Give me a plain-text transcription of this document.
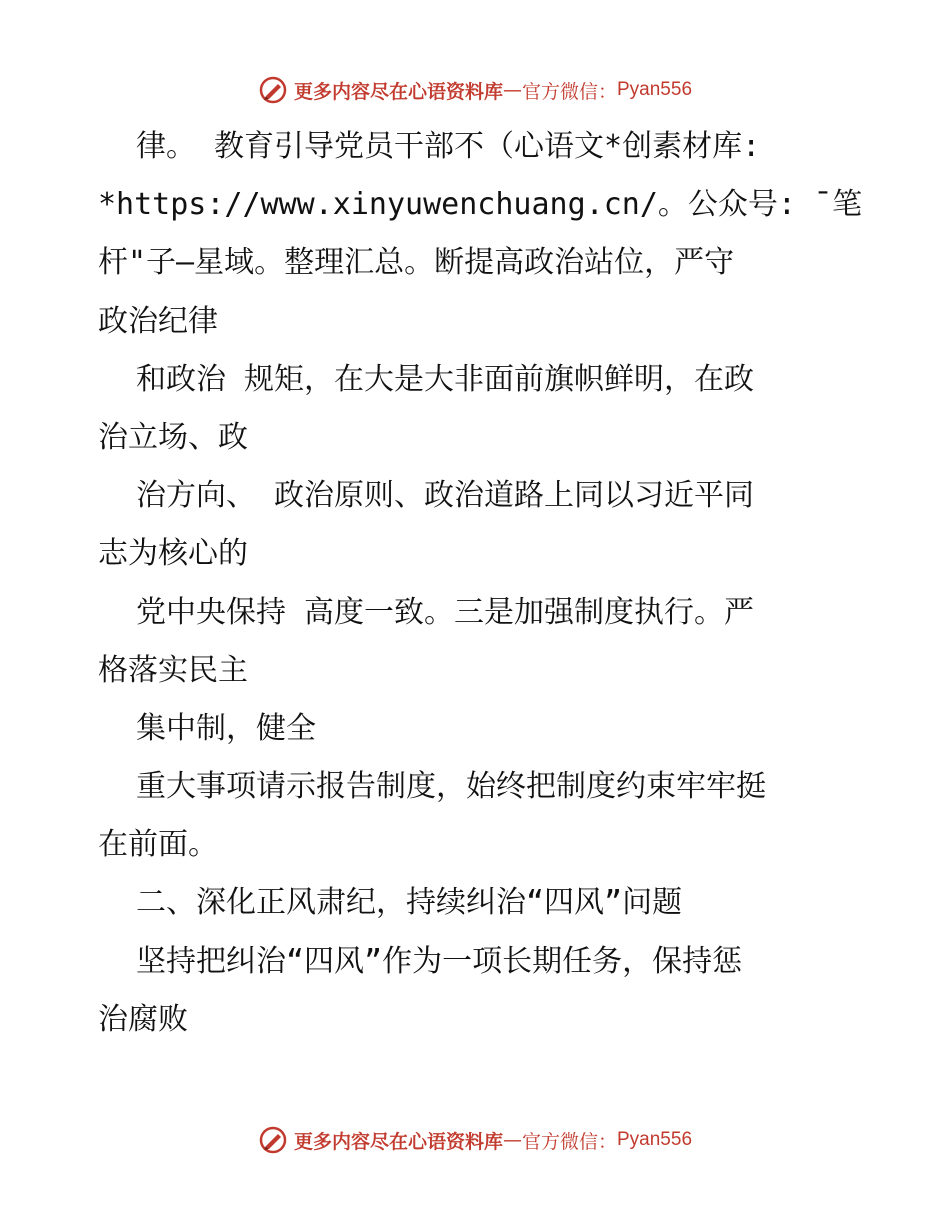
更多内容尽在心语资料库 — 官方微信： Pyan556
律。 教育引导党员干部不（心语文*创素材库:
*https://www.xinyuwenchuang.cn/。公众号: ˉ笔
杆"子—星域。整理汇总。断提高政治站位，严守
政治纪律
和政治 规矩，在大是大非面前旗帜鲜明，在政
治立场、政
治方向、 政治原则、政治道路上同以习近平同
志为核心的
党中央保持 高度一致。三是加强制度执行。严
格落实民主
集中制，健全
重大事项请示报告制度，始终把制度约束牢牢挺
在前面。
二、深化正风肃纪，持续纠治“四风”问题
坚持把纠治“四风”作为一项长期任务，保持惩
治腐败
更多内容尽在心语资料库 — 官方微信： Pyan556
